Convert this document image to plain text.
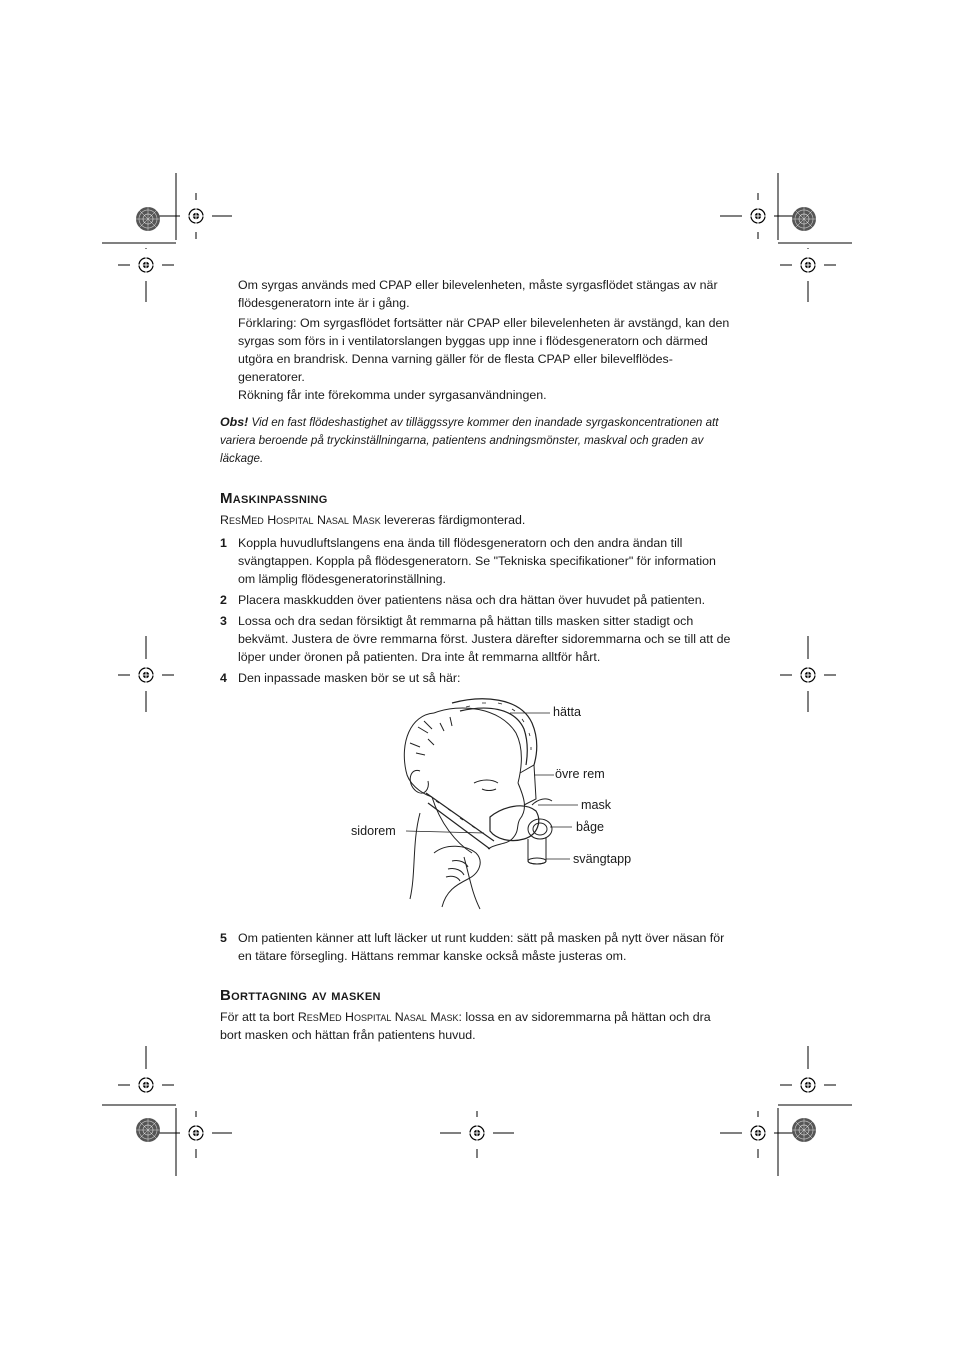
Om syrgas används med CPAP eller bilevelenheten, måste syrgasflödet stängas av när flödesgeneratorn inte är i gång.

Förklaring: Om syrgasflödet fortsätter när CPAP eller bilevelenheten är avstängd, kan den syrgas som förs in i ventilatorslangen byggas upp inne i flödesgeneratorn och därmed utgöra en brandrisk. Denna varning gäller för de flesta CPAP eller bilevelflödes-generatorer.

Rökning får inte förekomma under syrgasanvändningen.

Obs! Vid en fast flödeshastighet av tilläggssyre kommer den inandade syrgaskoncentrationen att variera beroende på tryckinställningarna, patientens andningsmönster, maskval och graden av läckage.

Maskinpassning

ResMed Hospital Nasal Mask levereras färdigmonterad.

1 Koppla huvudluftslangens ena ända till flödesgeneratorn och den andra ändan till svängtappen. Koppla på flödesgeneratorn. Se "Tekniska specifikationer" för information om lämplig flödesgeneratorinställning.
2 Placera maskkudden över patientens näsa och dra hättan över huvudet på patienten.
3 Lossa och dra sedan försiktigt åt remmarna på hättan tills masken sitter stadigt och bekvämt. Justera de övre remmarna först. Justera därefter sidoremmarna och se till att de löper under öronen på patienten. Dra inte åt remmarna alltför hårt.
4 Den inpassade masken bör se ut så här:
hätta
övre rem
mask
sidorem	båge
svängtapp
5 Om patienten känner att luft läcker ut runt kudden: sätt på masken på nytt över näsan för en tätare försegling. Hättans remmar kanske också måste justeras om.
Borttagning av masken

För att ta bort ResMed Hospital Nasal Mask: lossa en av sidoremmarna på hättan och dra bort masken och hättan från patientens huvud.
